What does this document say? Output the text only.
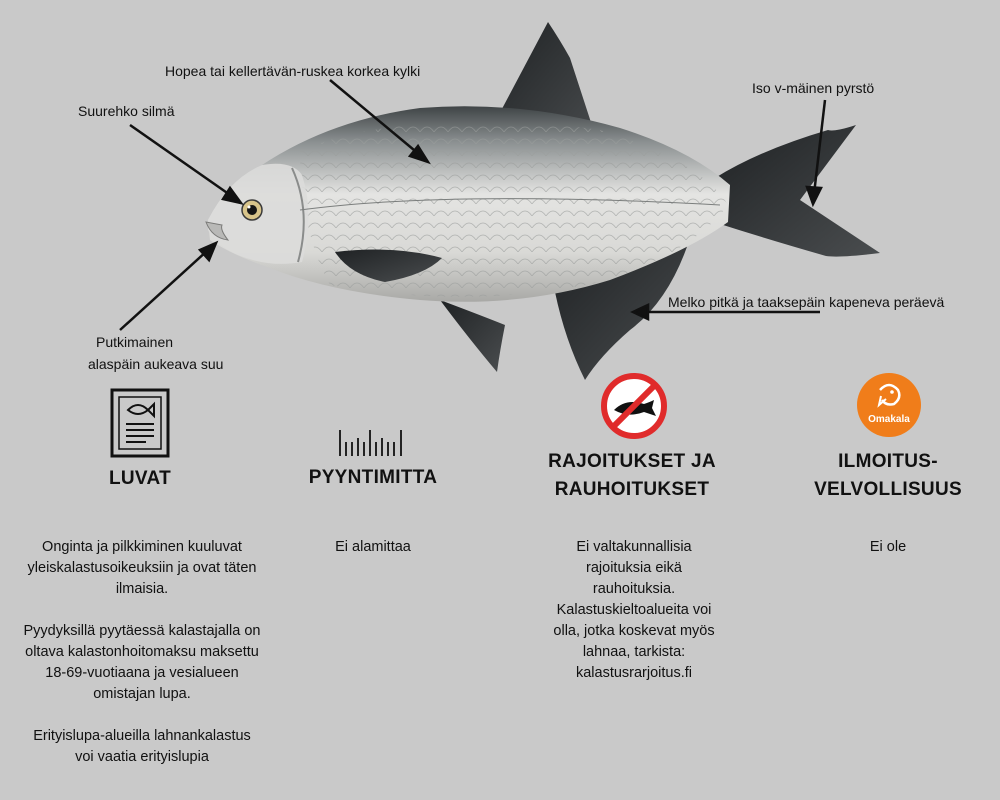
Hopea tai kellertävän-ruskea korkea kylki
Suurehko silmä
Iso v-mäinen pyrstö
Putkimainen
alaspäin aukeava suu
Melko pitkä ja taaksepäin kapeneva peräevä
LUVAT

Onginta ja pilkkiminen kuuluvat yleiskalastusoikeuksiin ja ovat täten ilmaisia.

Pyydyksillä pyytäessä kalastajalla on oltava kalastonhoitomaksu maksettu 18-69-vuotiaana ja vesialueen omistajan lupa.

Erityislupa-alueilla lahnankalastus voi vaatia erityislupia

PYYNTIMITTA

Ei alamittaa

RAJOITUKSET JA
RAUHOITUKSET

Ei valtakunnallisia rajoituksia eikä rauhoituksia. Kalastuskieltoalueita voi olla, jotka koskevat myös lahnaa, tarkista: kalastusrarjoitus.fi

Omakala
ILMOITUS-
VELVOLLISUUS

Ei ole
